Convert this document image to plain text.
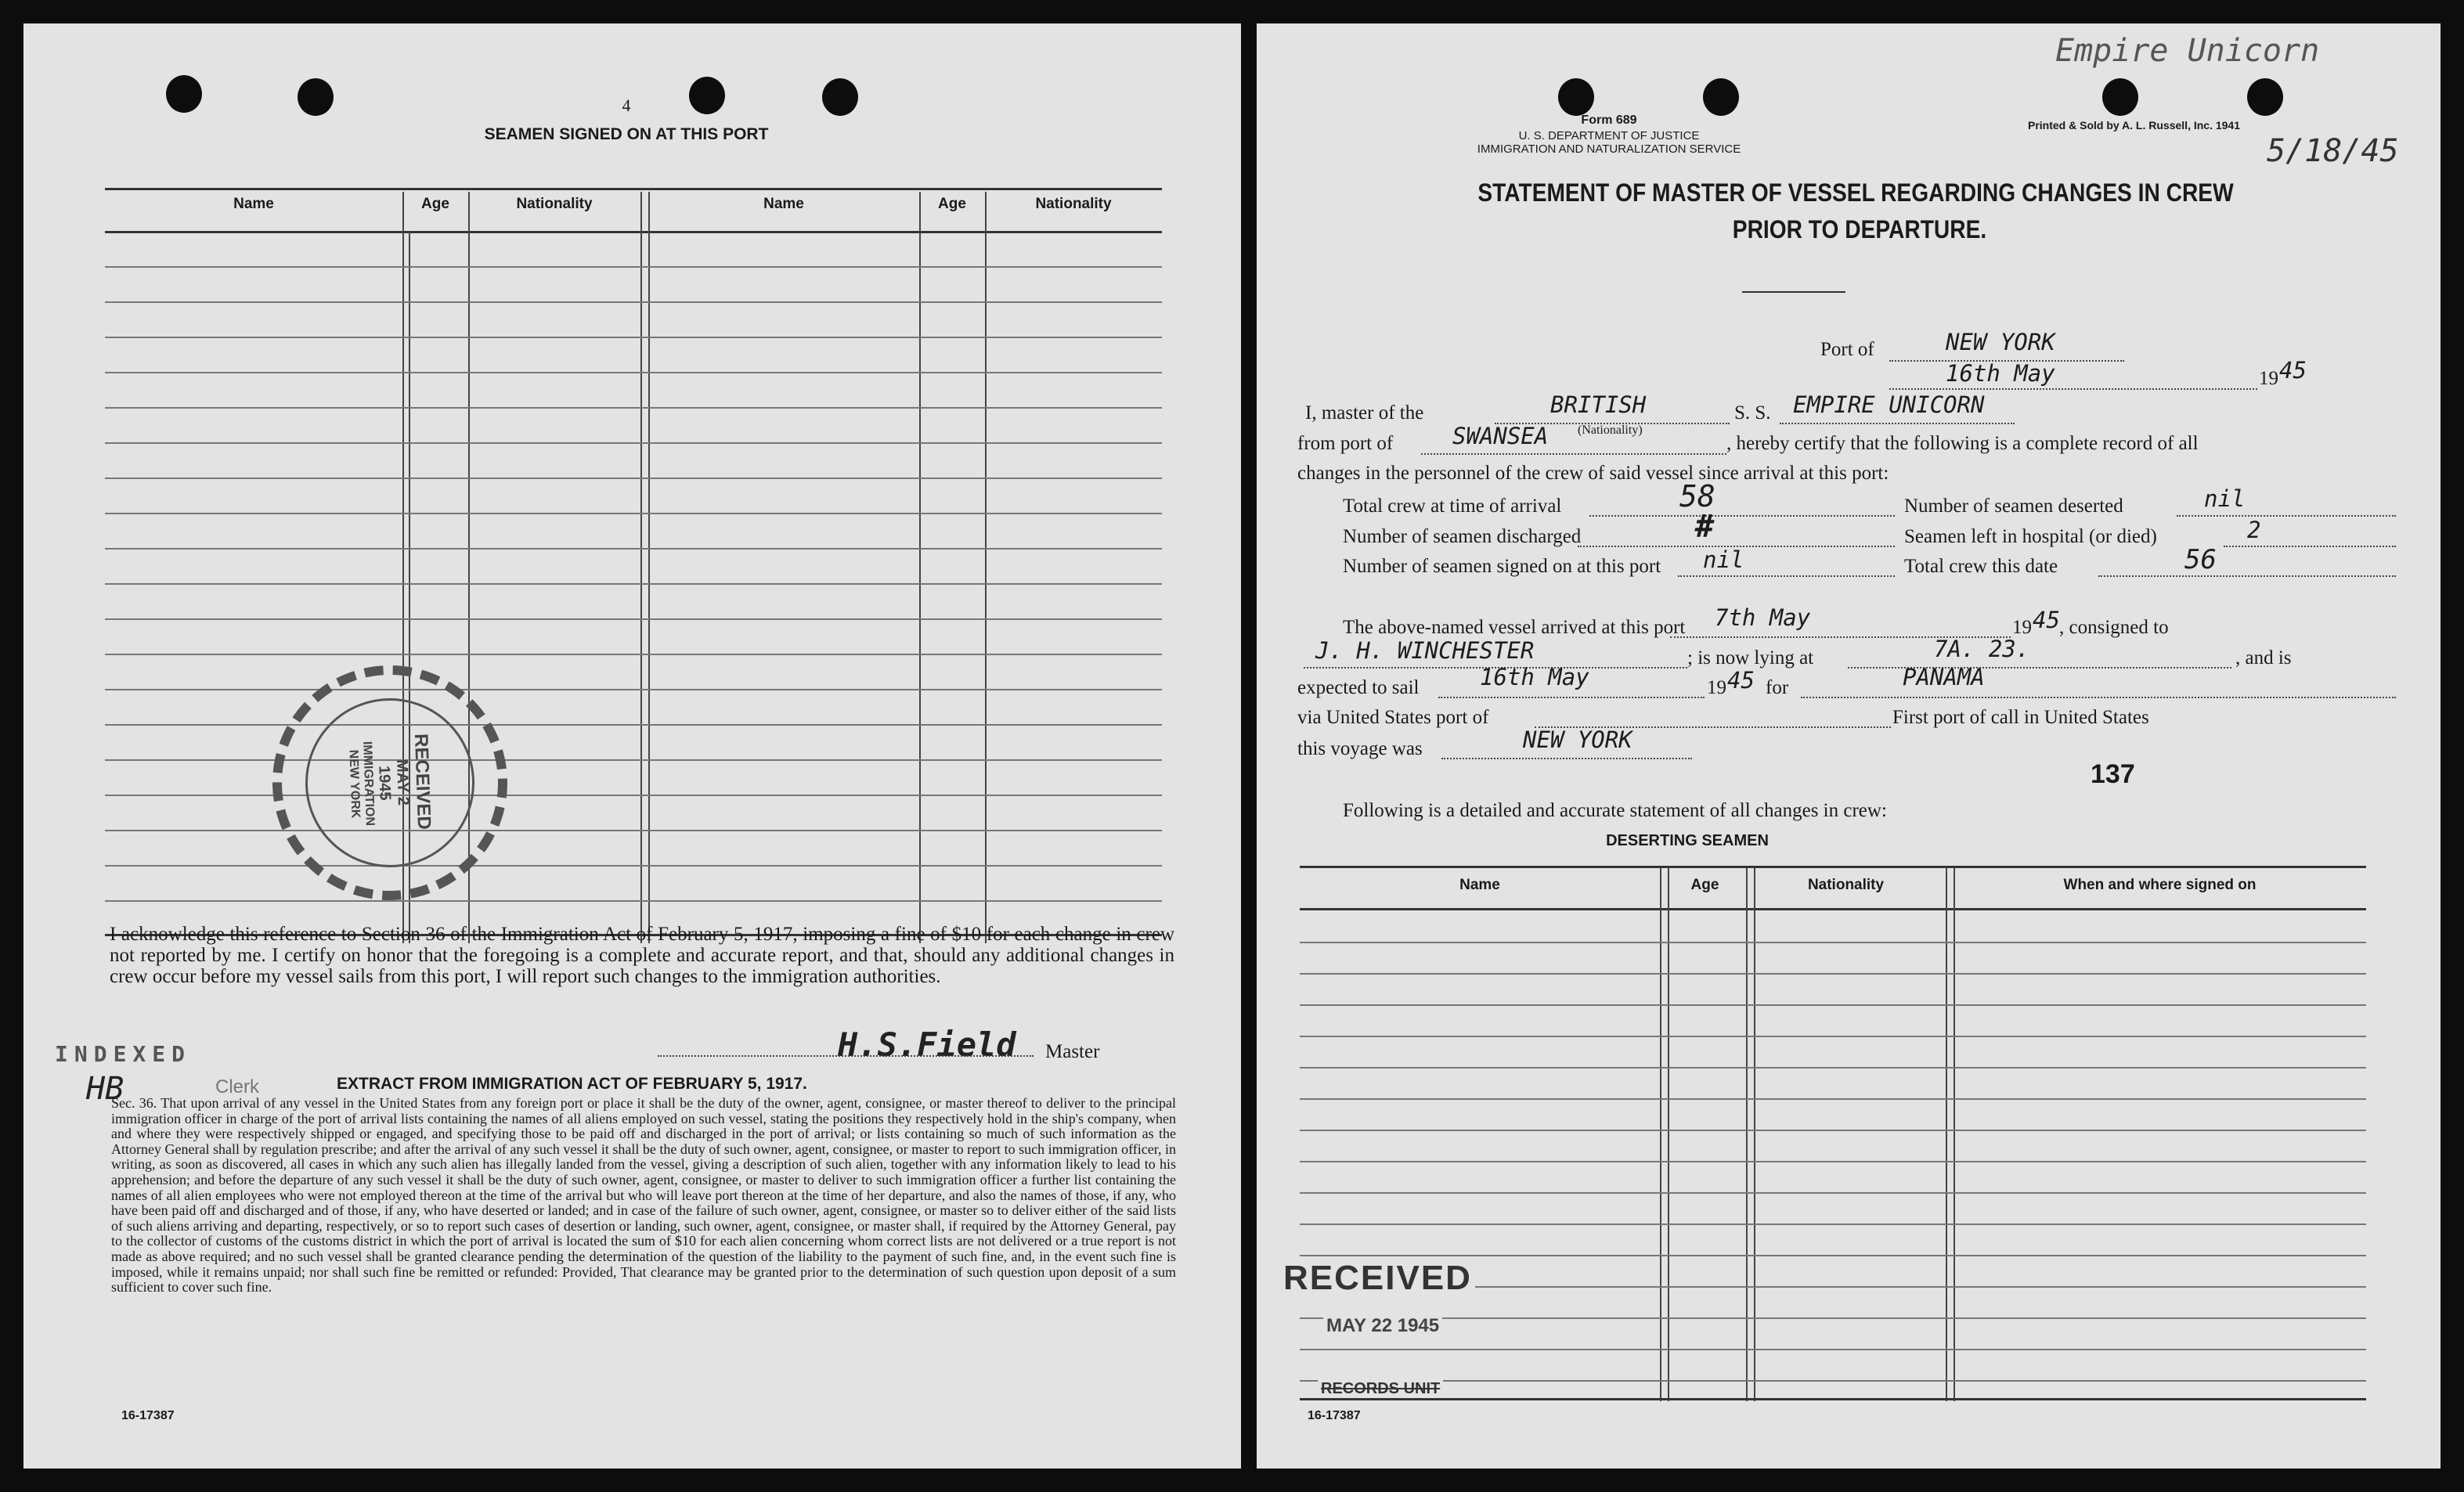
4
SEAMEN SIGNED ON AT THIS PORT
Name	Age	Nationality	Name	Age	Nationality
RECEIVED
MAY 2
1945
IMMIGRATION
NEW YORK
I acknowledge this reference to Section 36 of the Immigration Act of February 5, 1917, imposing a fine of $10 for each change in crew not reported by me. I certify on honor that the foregoing is a complete and accurate report, and that, should any additional changes in crew occur before my vessel sails from this port, I will report such changes to the immigration authorities.
INDEXED
HB	Clerk
H.S.Field Master
EXTRACT FROM IMMIGRATION ACT OF FEBRUARY 5, 1917.
Sec. 36. That upon arrival of any vessel in the United States from any foreign port or place it shall be the duty of the owner, agent, consignee, or master thereof to deliver to the principal immigration officer in charge of the port of arrival lists containing the names of all aliens employed on such vessel, stating the positions they respectively hold in the ship's company, when and where they were respectively shipped or engaged, and specifying those to be paid off and discharged in the port of arrival; or lists containing so much of such information as the Attorney General shall by regulation prescribe; and after the arrival of any such vessel it shall be the duty of such owner, agent, consignee, or master to report to such immigration officer, in writing, as soon as discovered, all cases in which any such alien has illegally landed from the vessel, giving a description of such alien, together with any information likely to lead to his apprehension; and before the departure of any such vessel it shall be the duty of such owner, agent, consignee, or master to deliver to such immigration officer a further list containing the names of all alien employees who were not employed thereon at the time of the arrival but who will leave port thereon at the time of her departure, and also the names of those, if any, who have been paid off and discharged and of those, if any, who have deserted or landed; and in case of the failure of such owner, agent, consignee, or master so to deliver either of the said lists of such aliens arriving and departing, respectively, or so to report such cases of desertion or landing, such owner, agent, consignee, or master shall, if required by the Attorney General, pay to the collector of customs of the customs district in which the port of arrival is located the sum of $10 for each alien concerning whom correct lists are not delivered or a true report is not made as above required; and no such vessel shall be granted clearance pending the determination of the question of the liability to the payment of such fine, and, in the event such fine is imposed, while it remains unpaid; nor shall such fine be remitted or refunded: Provided, That clearance may be granted prior to the determination of such question upon deposit of a sum sufficient to cover such fine.
16-17387
Form 689
U. S. DEPARTMENT OF JUSTICE
IMMIGRATION AND NATURALIZATION SERVICE
Printed & Sold by A. L. Russell, Inc. 1941
Empire Unicorn
5/18/45
STATEMENT OF MASTER OF VESSEL REGARDING CHANGES IN CREW
PRIOR TO DEPARTURE.
Port of	NEW YORK
16th May	19 45
I, master of the	BRITISH
(Nationality)
S. S. EMPIRE UNICORN
from port of	SWANSEA	, hereby certify that the following is a complete record of all
changes in the personnel of the crew of said vessel since arrival at this port:
Total crew at time of arrival	58	Number of seamen deserted	nil
Number of seamen discharged	#	Seamen left in hospital (or died)	2
Number of seamen signed on at this port nil	Total crew this date	56
The above-named vessel arrived at this port 7th May	19 45 , consigned to
J. H. WINCHESTER	; is now lying at	7A. 23.	, and is
expected to sail	16th May	19 45 for	PANAMA
via United States port of	First port of call in United States
this voyage was	NEW YORK
137
Following is a detailed and accurate statement of all changes in crew:
DESERTING SEAMEN
Name	Age	Nationality	When and where signed on
RECEIVED
MAY 22 1945
RECORDS UNIT
16-17387
